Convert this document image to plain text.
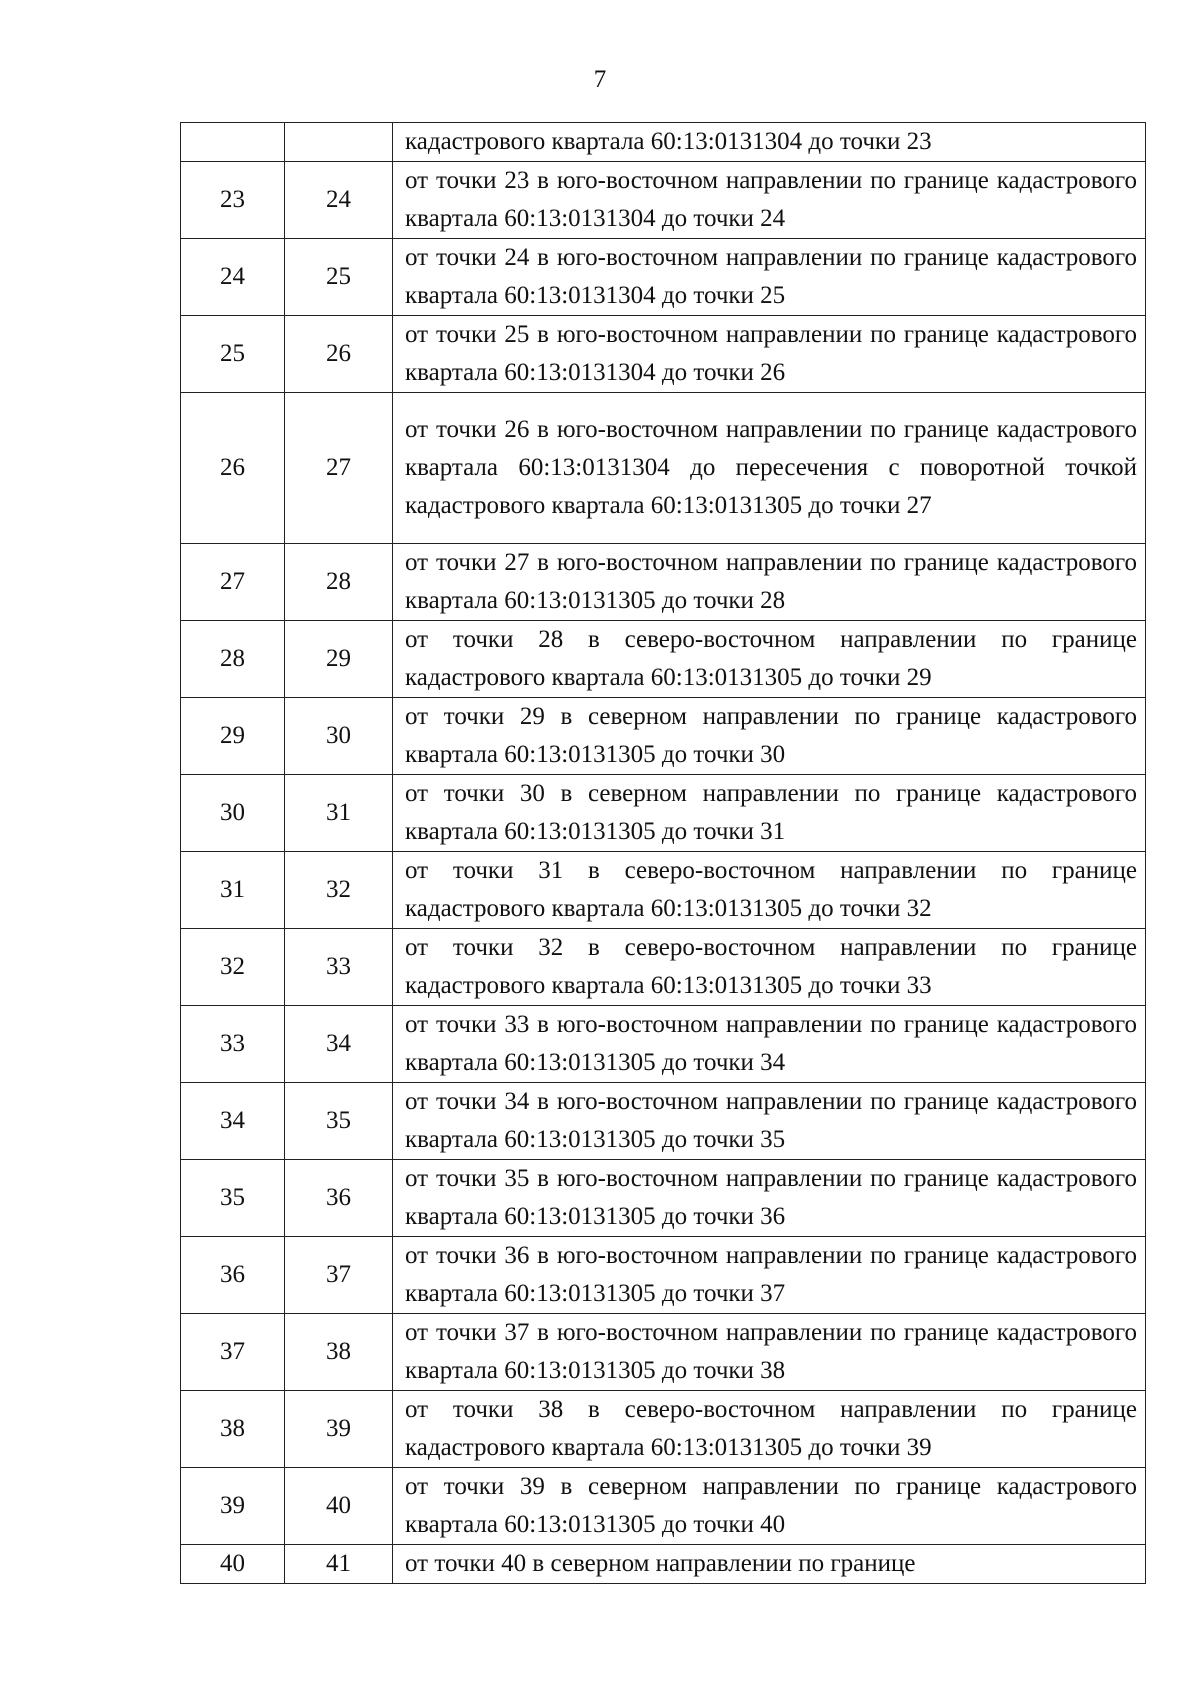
7
		кадастрового квартала 60:13:0131304 до точки 23
23	24	от точки 23 в юго-восточном направлении по границе кадастрового квартала 60:13:0131304 до точки 24
24	25	от точки 24 в юго-восточном направлении по границе кадастрового квартала 60:13:0131304 до точки 25
25	26	от точки 25 в юго-восточном направлении по границе кадастрового квартала 60:13:0131304 до точки 26
26	27	от точки 26 в юго-восточном направлении по границе кадастрового квартала 60:13:0131304 до пересечения с поворотной точкой кадастрового квартала 60:13:0131305 до точки 27
27	28	от точки 27 в юго-восточном направлении по границе кадастрового квартала 60:13:0131305 до точки 28
28	29	от точки 28 в северо-восточном направлении по границе кадастрового квартала 60:13:0131305 до точки 29
29	30	от точки 29 в северном направлении по границе кадастрового квартала 60:13:0131305 до точки 30
30	31	от точки 30 в северном направлении по границе кадастрового квартала 60:13:0131305 до точки 31
31	32	от точки 31 в северо-восточном направлении по границе кадастрового квартала 60:13:0131305 до точки 32
32	33	от точки 32 в северо-восточном направлении по границе кадастрового квартала 60:13:0131305 до точки 33
33	34	от точки 33 в юго-восточном направлении по границе кадастрового квартала 60:13:0131305 до точки 34
34	35	от точки 34 в юго-восточном направлении по границе кадастрового квартала 60:13:0131305 до точки 35
35	36	от точки 35 в юго-восточном направлении по границе кадастрового квартала 60:13:0131305 до точки 36
36	37	от точки 36 в юго-восточном направлении по границе кадастрового квартала 60:13:0131305 до точки 37
37	38	от точки 37 в юго-восточном направлении по границе кадастрового квартала 60:13:0131305 до точки 38
38	39	от точки 38 в северо-восточном направлении по границе кадастрового квартала 60:13:0131305 до точки 39
39	40	от точки 39 в северном направлении по границе кадастрового квартала 60:13:0131305 до точки 40
40	41	от точки 40 в северном направлении по границе
